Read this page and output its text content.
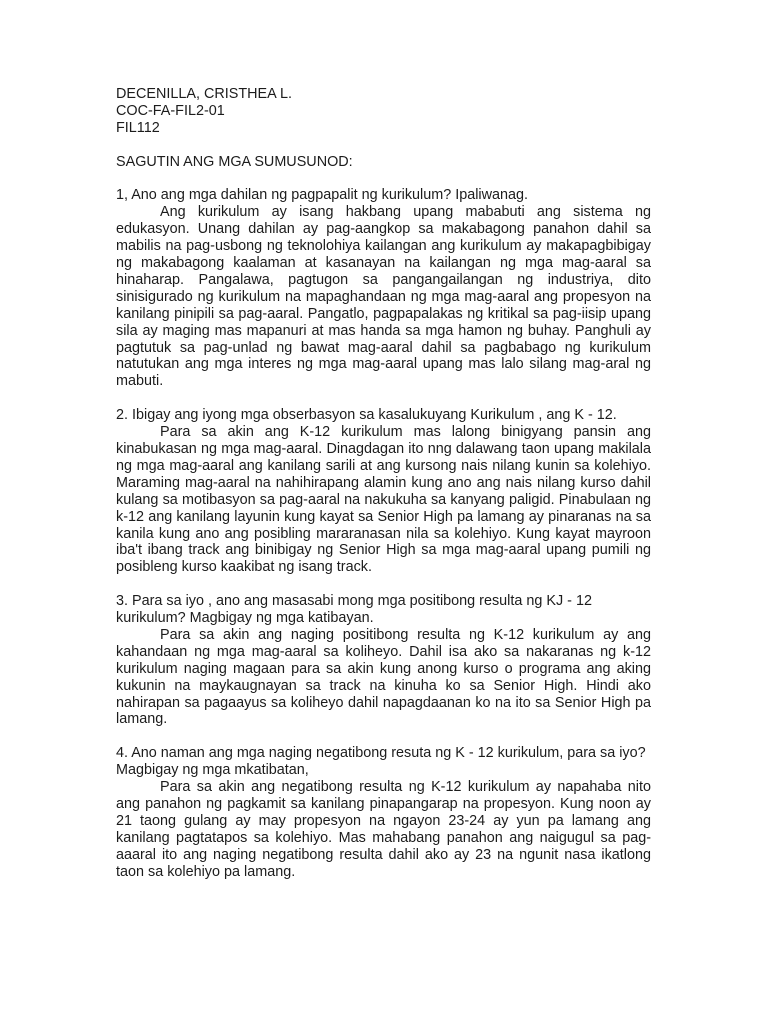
DECENILLA, CRISTHEA L.
COC-FA-FIL2-01
FIL112
SAGUTIN ANG MGA SUMUSUNOD:

1, Ano ang mga dahilan ng pagpapalit ng kurikulum? Ipaliwanag.

Ang kurikulum ay isang hakbang upang mababuti ang sistema ng edukasyon. Unang dahilan ay pag-aangkop sa makabagong panahon dahil sa mabilis na pag-usbong ng teknolohiya kailangan ang kurikulum ay makapagbibigay ng makabagong kaalaman at kasanayan na kailangan ng mga mag-aaral sa hinaharap. Pangalawa, pagtugon sa pangangailangan ng industriya, dito sinisigurado ng kurikulum na mapaghandaan ng mga mag-aaral ang propesyon na kanilang pinipili sa pag-aaral. Pangatlo, pagpapalakas ng kritikal sa pag-iisip upang sila ay maging mas mapanuri at mas handa sa mga hamon ng buhay. Panghuli ay pagtutuk sa pag-unlad ng bawat mag-aaral dahil sa pagbabago ng kurikulum natutukan ang mga interes ng mga mag-aaral upang mas lalo silang mag-aral ng mabuti.

2. Ibigay ang iyong mga obserbasyon sa kasalukuyang Kurikulum , ang K - 12.

Para sa akin ang K-12 kurikulum mas lalong binigyang pansin ang kinabukasan ng mga mag-aaral. Dinagdagan ito nng dalawang taon upang makilala ng mga mag-aaral ang kanilang sarili at ang kursong nais nilang kunin sa kolehiyo. Maraming mag-aaral na nahihirapang alamin kung ano ang nais nilang kurso dahil kulang sa motibasyon sa pag-aaral na nakukuha sa kanyang paligid. Pinabulaan ng k-12 ang kanilang layunin kung kayat sa Senior High pa lamang ay pinaranas na sa kanila kung ano ang posibling mararanasan nila sa kolehiyo. Kung kayat mayroon iba't ibang track ang binibigay ng Senior High sa mga mag-aaral upang pumili ng posibleng kurso kaakibat ng isang track.

3. Para sa iyo , ano ang masasabi mong mga positibong resulta ng KJ - 12 kurikulum? Magbigay ng mga katibayan.

Para sa akin ang naging positibong resulta ng K-12 kurikulum ay ang kahandaan ng mga mag-aaral sa koliheyo. Dahil isa ako sa nakaranas ng k-12 kurikulum naging magaan para sa akin kung anong kurso o programa ang aking kukunin na maykaugnayan sa track na kinuha ko sa Senior High. Hindi ako nahirapan sa pagaayus sa koliheyo dahil napagdaanan ko na ito sa Senior High pa lamang.

4. Ano naman ang mga naging negatibong resuta ng K - 12 kurikulum, para sa iyo? Magbigay ng mga mkatibatan,

Para sa akin ang negatibong resulta ng K-12 kurikulum ay napahaba nito ang panahon ng pagkamit sa kanilang pinapangarap na propesyon. Kung noon ay 21 taong gulang ay may propesyon na ngayon 23-24 ay yun pa lamang ang kanilang pagtatapos sa kolehiyo. Mas mahabang panahon ang naigugul sa pag-aaaral ito ang naging negatibong resulta dahil ako ay 23 na ngunit nasa ikatlong taon sa kolehiyo pa lamang.
